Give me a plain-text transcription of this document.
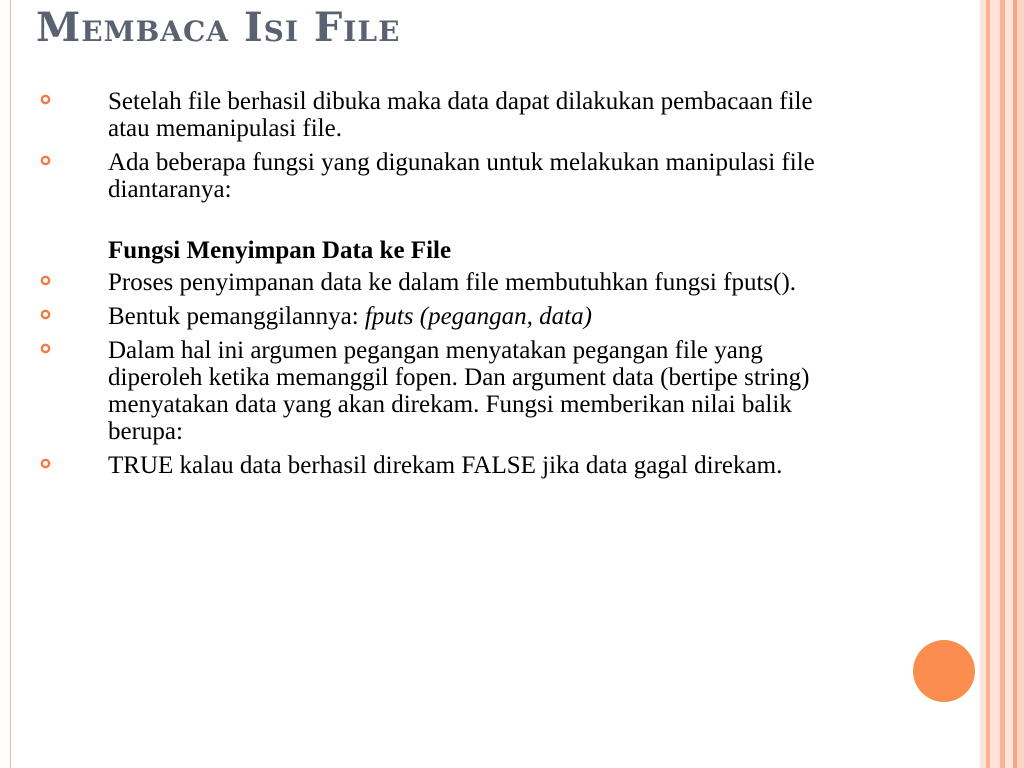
Membaca Isi File
Setelah file berhasil dibuka maka data dapat dilakukan pembacaan file atau memanipulasi file.
Ada beberapa fungsi yang digunakan untuk melakukan manipulasi file diantaranya:
Fungsi Menyimpan Data ke File
Proses penyimpanan data ke dalam file membutuhkan fungsi fputs().
Bentuk pemanggilannya: fputs (pegangan, data)
Dalam hal ini argumen pegangan menyatakan pegangan file yang diperoleh ketika memanggil fopen. Dan argument data (bertipe string) menyatakan data yang akan direkam. Fungsi memberikan nilai balik berupa:
TRUE kalau data berhasil direkam FALSE jika data gagal direkam.
